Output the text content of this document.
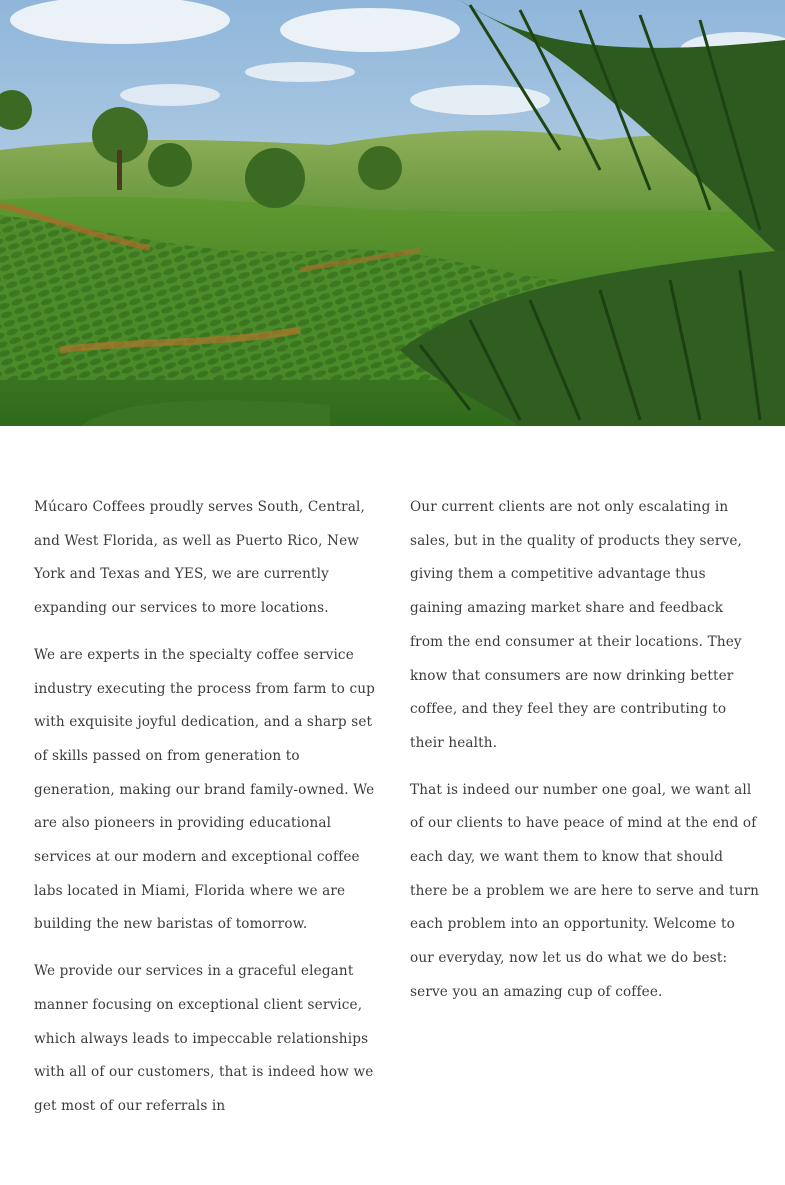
Múcaro Coffees proudly serves South, Central, and West Florida, as well as Puerto Rico, New York and Texas and YES, we are currently expanding our services to more locations.

We are experts in the specialty coffee service industry executing the process from farm to cup with exquisite joyful dedication, and a sharp set of skills passed on from generation to generation, making our brand family-owned. We are also pioneers in providing educational services at our modern and exceptional coffee labs located in Miami, Florida where we are building the new baristas of tomorrow.

We provide our services in a graceful elegant manner focusing on exceptional client service, which always leads to impeccable relationships with all of our customers, that is indeed how we get most of our referrals in

Our current clients are not only escalating in sales, but in the quality of products they serve, giving them a competitive advantage thus gaining amazing market share and feedback from the end consumer at their locations. They know that consumers are now drinking better coffee, and they feel they are contributing to their health.

That is indeed our number one goal, we want all of our clients to have peace of mind at the end of each day, we want them to know that should there be a problem we are here to serve and turn each problem into an opportunity. Welcome to our everyday, now let us do what we do best: serve you an amazing cup of coffee.
